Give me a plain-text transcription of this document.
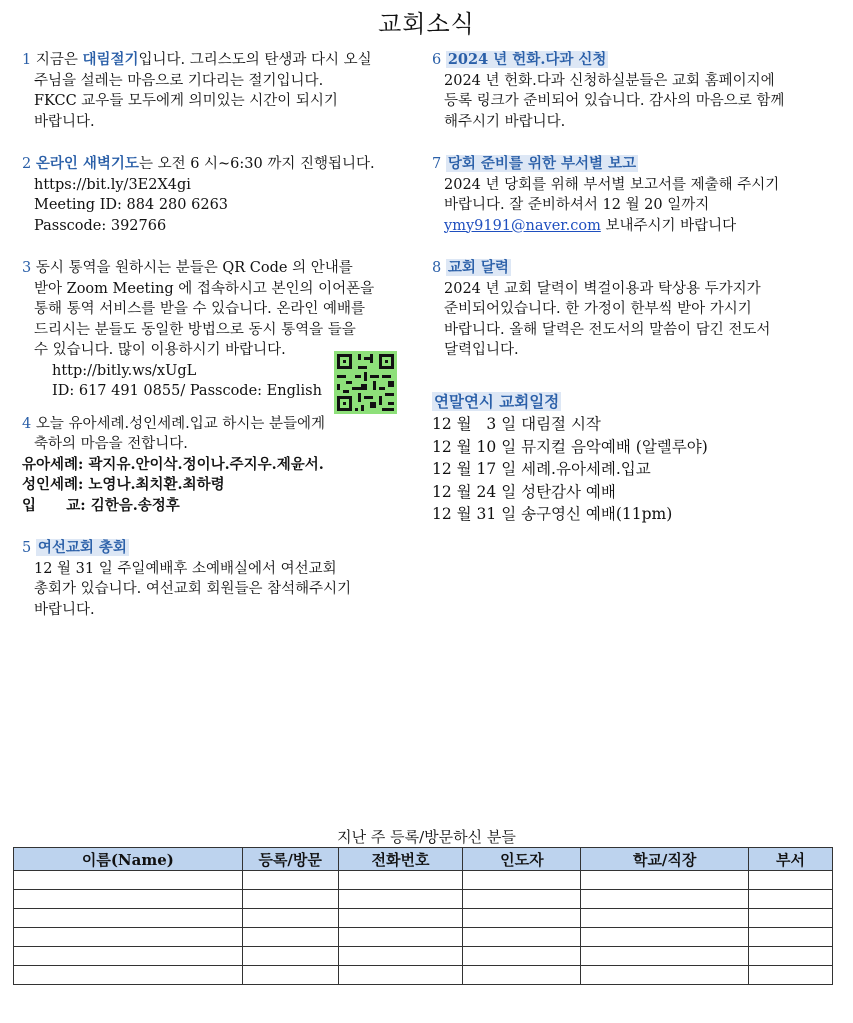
교회소식
1 지금은 대림절기입니다. 그리스도의 탄생과 다시 오실
주님을 설레는 마음으로 기다리는 절기입니다.
FKCC 교우들 모두에게 의미있는 시간이 되시기
바랍니다.
2 온라인 새벽기도는 오전 6 시~6:30 까지 진행됩니다.
https://bit.ly/3E2X4gi
Meeting ID: 884 280 6263
Passcode: 392766
3 동시 통역을 원하시는 분들은 QR Code 의 안내를
받아 Zoom Meeting 에 접속하시고 본인의 이어폰을
통해 통역 서비스를 받을 수 있습니다. 온라인 예배를
드리시는 분들도 동일한 방법으로 동시 통역을 들을
수 있습니다. 많이 이용하시기 바랍니다.
http://bitly.ws/xUgL
ID: 617 491 0855/ Passcode: English
4 오늘 유아세례.성인세례.입교 하시는 분들에게
축하의 마음을 전합니다.
유아세례: 곽지유.안이삭.정이나.주지우.제윤서.
성인세례: 노영나.최치환.최하령
입      교: 김한음.송정후
5 여선교회 총회
12 월 31 일 주일예배후 소예배실에서 여선교회
총회가 있습니다. 여선교회 회원들은 참석해주시기
바랍니다.
6 2024 년 헌화.다과 신청
2024 년 헌화.다과 신청하실분들은 교회 홈페이지에
등록 링크가 준비되어 있습니다. 감사의 마음으로 함께
해주시기 바랍니다.
7 당회 준비를 위한 부서별 보고
2024 년 당회를 위해 부서별 보고서를 제출해 주시기
바랍니다. 잘 준비하셔서 12 월 20 일까지
ymy9191@naver.com 보내주시기 바랍니다
8 교회 달력
2024 년 교회 달력이 벽걸이용과 탁상용 두가지가
준비되어있습니다. 한 가정이 한부씩 받아 가시기
바랍니다. 올해 달력은 전도서의 말씀이 담긴 전도서
달력입니다.
연말연시 교회일정
12 월   3 일 대림절 시작
12 월 10 일 뮤지컬 음악예배 (알렐루야)
12 월 17 일 세례.유아세례.입교
12 월 24 일 성탄감사 예배
12 월 31 일 송구영신 예배(11pm)
지난 주 등록/방문하신 분들
이름(Name)	등록/방문	전화번호	인도자	학교/직장	부서
